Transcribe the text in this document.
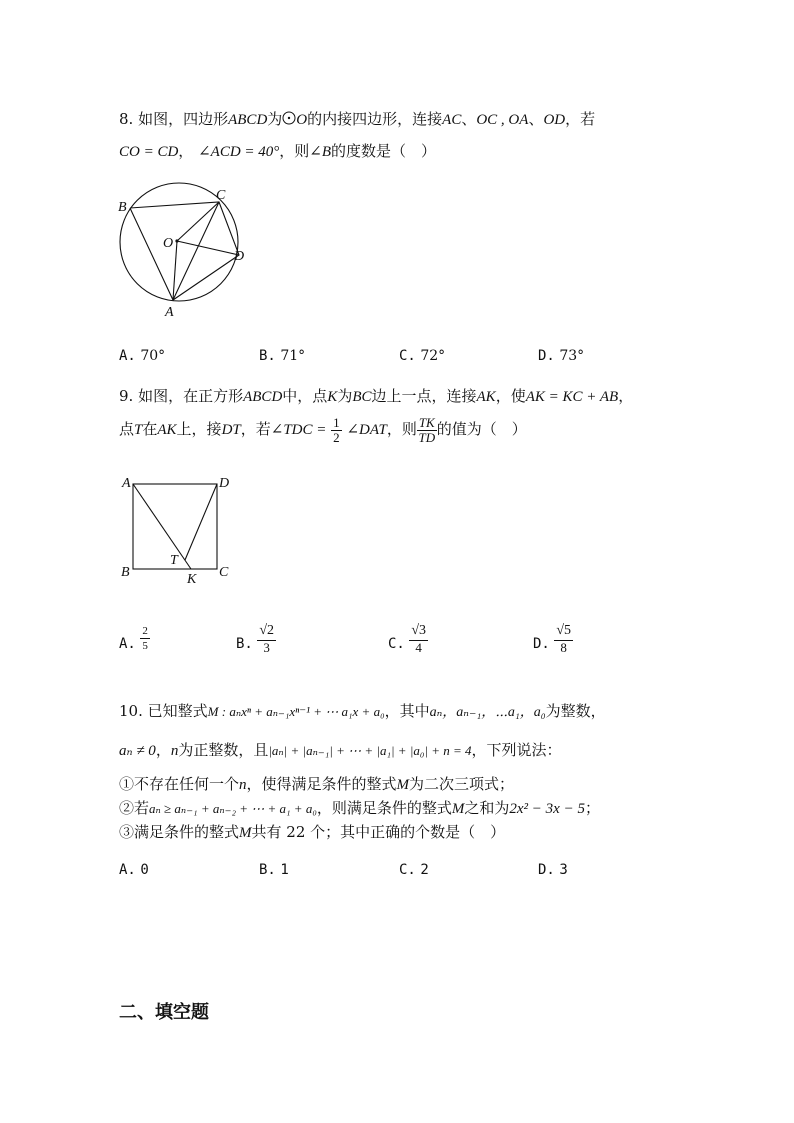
8. 如图，四边形ABCD为 O的内接四边形，连接AC、OC , OA、OD，若
CO = CD， ∠ACD = 40°，则∠B的度数是（　）
B
C
O
D
A
A. 70°	B. 71°	C. 72°	D. 73°
9. 如图，在正方形ABCD中，点K为BC边上一点，连接AK，使AK = KC + AB，
点T在AK上，接DT，若∠TDC = $\frac{1}{2}$ ∠DAT，则 $\frac{TK}{TD}$ 的值为（　）
A	D
B	C
T
K
A. $\frac{2}{5}$	B. $\frac{√2}{3}$	C. $\frac{√3}{4}$	D. $\frac{√5}{8}$
10. 已知整式M : aₙxⁿ + aₙ₋₁xⁿ⁻¹ + ⋯ a₁x + a₀，其中aₙ，aₙ₋₁，⋯a₁，a₀为整数，
aₙ ≠ 0，n为正整数，且|aₙ| + |aₙ₋₁| + ⋯ + |a₁| + |a₀| + n = 4，下列说法：
①不存在任何一个n，使得满足条件的整式M为二次三项式；
②若aₙ ≥ aₙ₋₁ + aₙ₋₂ + ⋯ + a₁ + a₀，则满足条件的整式M之和为2x² − 3x − 5；
③满足条件的整式M共有 22 个；其中正确的个数是（　）
A. 0	B. 1	C. 2	D. 3
二、填空题
